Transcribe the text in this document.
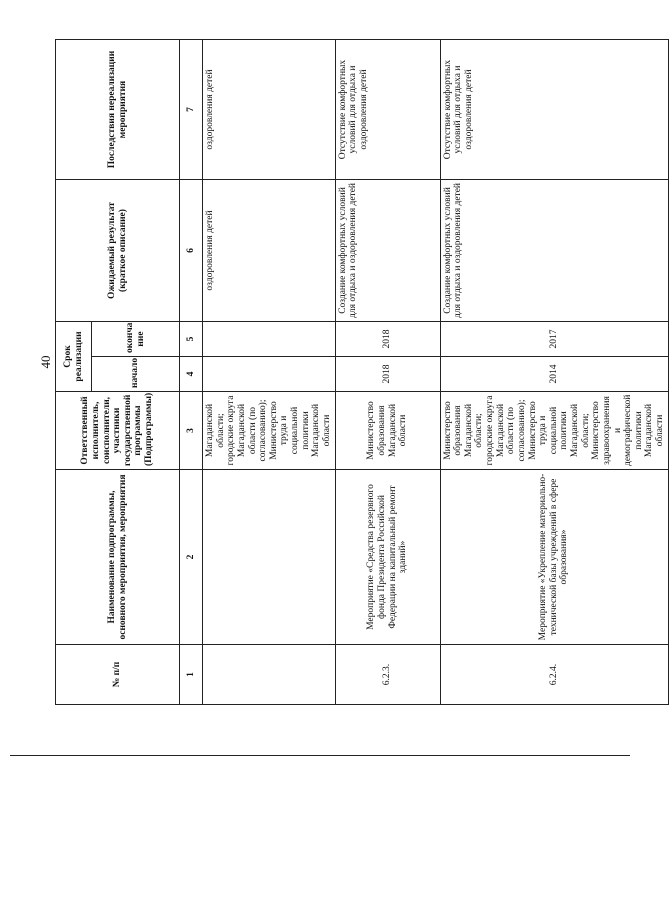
40
№ п/п	Наименование подпрограммы, основного мероприятия, мероприятия	Ответственный исполнитель, соисполнители, участники государственной программы (Подпрограммы)	Срок реализации		Ожидаемый результат (краткое описание)	Последствия нереализации мероприятия
			начало	оконча ние		
1	2	3	4	5	6	7
		Магаданской области; городские округа Магаданской области (по согласованию); Министерство труда и социальной политики Магаданской области			оздоровления детей	оздоровления детей
6.2.3.	Мероприятие «Средства резервного фонда Президента Российской Федерации на капитальный ремонт зданий»	Министерство образования Магаданской области	2018	2018	Создание комфортных условий для отдыха и оздоровления детей	Отсутствие комфортных условий для отдыха и оздоровления детей
6.2.4.	Мероприятие «Укрепление материально-технической базы учреждений в сфере образования»	Министерство образования Магаданской области; городские округа Магаданской области (по согласованию); Министерство труда и социальной политики Магаданской области; Министерство здравоохранения и демографической политики Магаданской области	2014	2017	Создание комфортных условий для отдыха и оздоровления детей	Отсутствие комфортных условий для отдыха и оздоровления детей
